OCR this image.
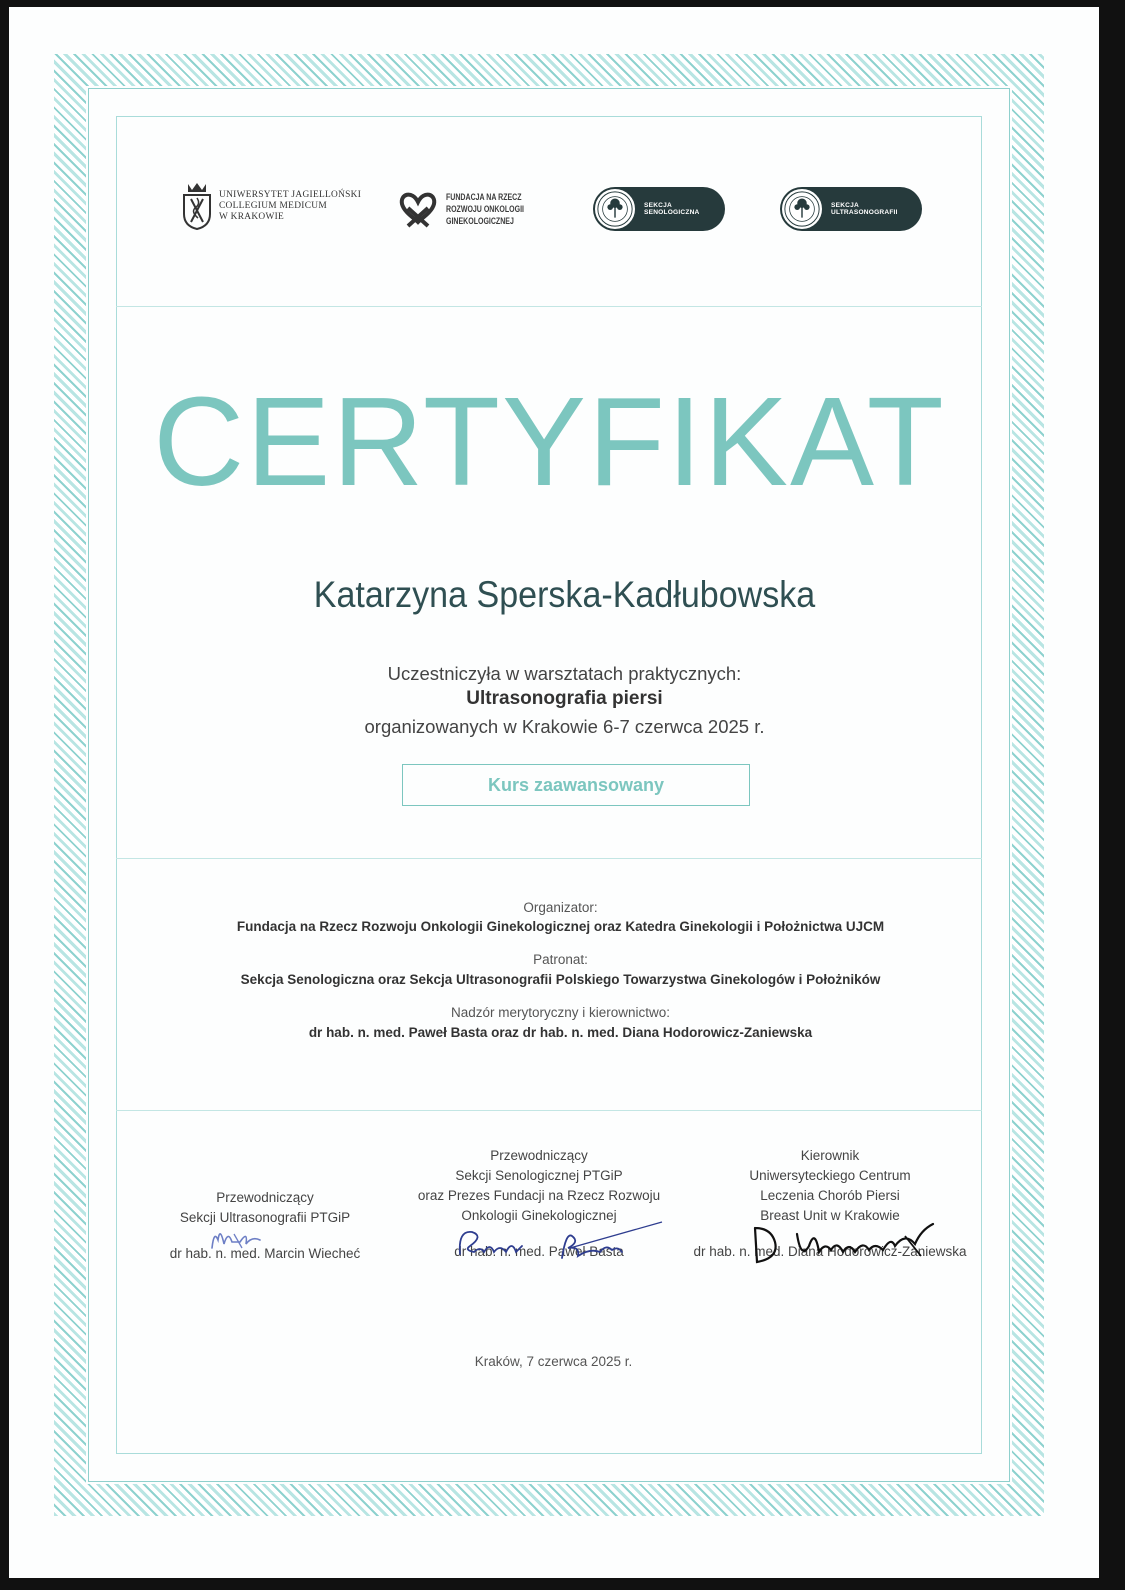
UNIWERSYTET JAGIELLOŃSKI
COLLEGIUM MEDICUM
W KRAKOWIE
FUNDACJA NA RZECZ
ROZWOJU ONKOLOGII
GINEKOLOGICZNEJ
SEKCJA
SENOLOGICZNA
SEKCJA
ULTRASONOGRAFII
CERTYFIKAT
Katarzyna Sperska-Kadłubowska
Uczestniczyła w warsztatach praktycznych:
Ultrasonografia piersi
organizowanych w Krakowie 6-7 czerwca 2025 r.
Kurs zaawansowany
Organizator:
Fundacja na Rzecz Rozwoju Onkologii Ginekologicznej oraz Katedra Ginekologii i Położnictwa UJCM
Patronat:
Sekcja Senologiczna oraz Sekcja Ultrasonografii Polskiego Towarzystwa Ginekologów i Położników
Nadzór merytoryczny i kierownictwo:
dr hab. n. med. Paweł Basta oraz dr hab. n. med. Diana Hodorowicz-Zaniewska
Przewodniczący
Sekcji Ultrasonografii PTGiP
dr hab. n. med. Marcin Wiecheć
Przewodniczący
Sekcji Senologicznej PTGiP
oraz Prezes Fundacji na Rzecz Rozwoju
Onkologii Ginekologicznej
dr hab. n. med. Paweł Basta
Kierownik
Uniwersyteckiego Centrum
Leczenia Chorób Piersi
Breast Unit w Krakowie
dr hab. n. med. Diana Hodorowicz-Zaniewska
Kraków, 7 czerwca 2025 r.
